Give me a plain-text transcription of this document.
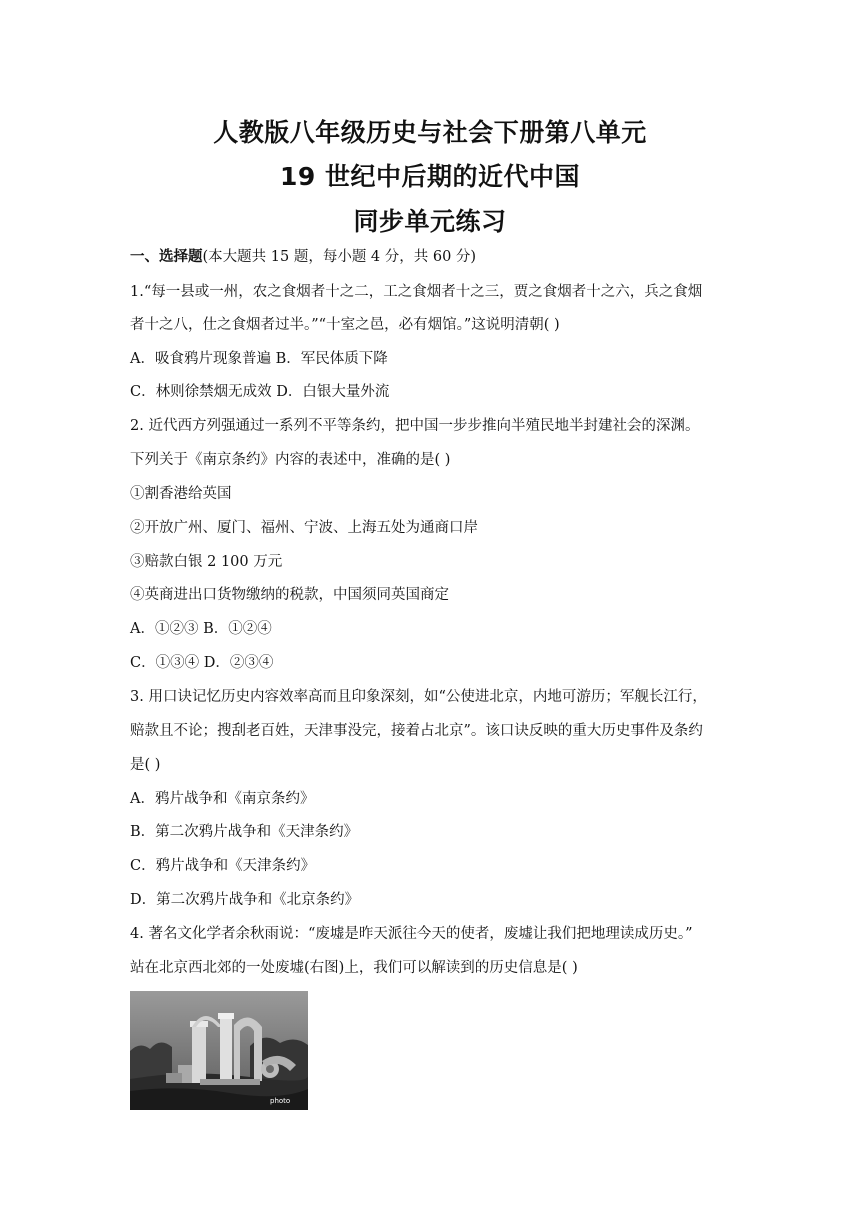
人教版八年级历史与社会下册第八单元
19 世纪中后期的近代中国
同步单元练习
一、选择题(本大题共 15 题，每小题 4 分，共 60 分)
1.“每一县或一州，农之食烟者十之二，工之食烟者十之三，贾之食烟者十之六，兵之食烟
者十之八，仕之食烟者过半。”“十室之邑，必有烟馆。”这说明清朝( )
A．吸食鸦片现象普遍 B．军民体质下降
C．林则徐禁烟无成效 D．白银大量外流
2. 近代西方列强通过一系列不平等条约，把中国一步步推向半殖民地半封建社会的深渊。
下列关于《南京条约》内容的表述中，准确的是( )
①割香港给英国
②开放广州、厦门、福州、宁波、上海五处为通商口岸
③赔款白银 2 100 万元
④英商进出口货物缴纳的税款，中国须同英国商定
A．①②③ B．①②④
C．①③④ D．②③④
3. 用口诀记忆历史内容效率高而且印象深刻，如“公使进北京，内地可游历；军舰长江行，
赔款且不论；搜刮老百姓，天津事没完，接着占北京”。该口诀反映的重大历史事件及条约
是( )
A．鸦片战争和《南京条约》
B．第二次鸦片战争和《天津条约》
C．鸦片战争和《天津条约》
D．第二次鸦片战争和《北京条约》
4. 著名文化学者余秋雨说：“废墟是昨天派往今天的使者，废墟让我们把地理读成历史。”
站在北京西北郊的一处废墟(右图)上，我们可以解读到的历史信息是( )
photo
